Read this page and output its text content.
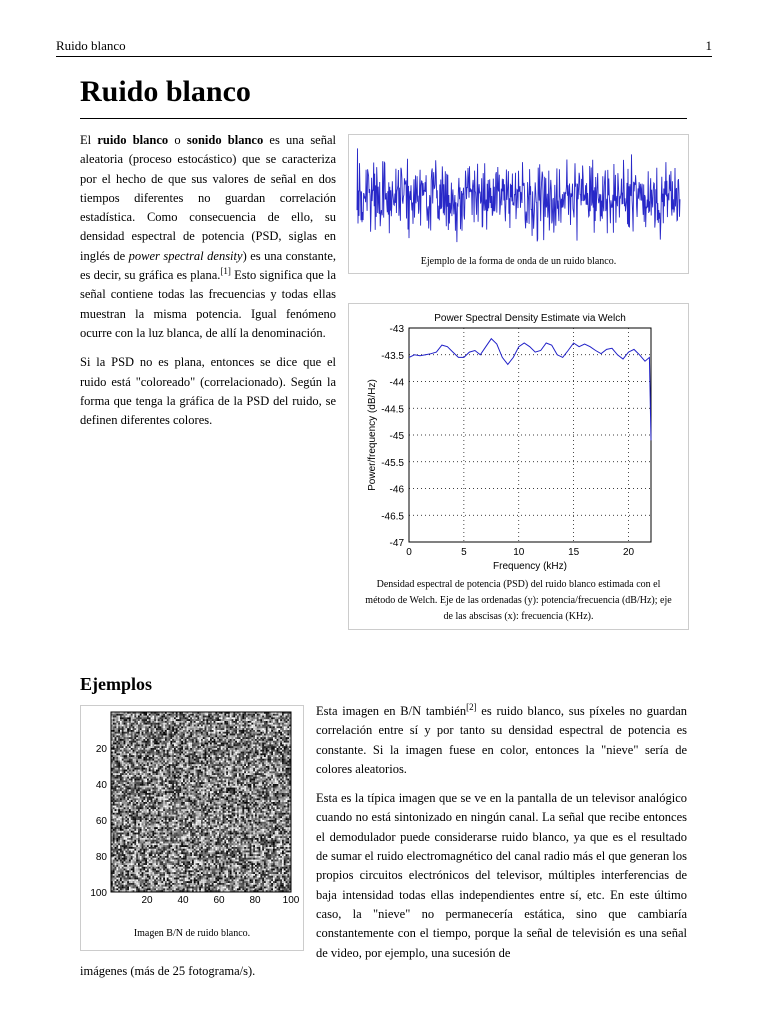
Ruido blanco	1
Ruido blanco

El ruido blanco o sonido blanco es una señal aleatoria (proceso estocástico) que se caracteriza por el hecho de que sus valores de señal en dos tiempos diferentes no guardan correlación estadística. Como consecuencia de ello, su densidad espectral de potencia (PSD, siglas en inglés de power spectral density) es una constante, es decir, su gráfica es plana.[1] Esto significa que la señal contiene todas las frecuencias y todas ellas muestran la misma potencia. Igual fenómeno ocurre con la luz blanca, de allí la denominación.

Si la PSD no es plana, entonces se dice que el ruido está "coloreado" (correlacionado). Según la forma que tenga la gráfica de la PSD del ruido, se definen diferentes colores.

Ejemplo de la forma de onda de un ruido blanco.
Power Spectral Density Estimate via Welch
-43
-43.5
-44
-44.5
-45
-45.5
-46
-46.5
-47
0	5	10	15	20
Frequency (kHz)
Power/frequency (dB/Hz)
Densidad espectral de potencia (PSD) del ruido blanco estimada con el método de Welch. Eje de las ordenadas (y): potencia/frecuencia (dB/Hz); eje de las abscisas (x): frecuencia (KHz).
Ejemplos
20 40 60 80 100
20
40
60
80
100
Imagen B/N de ruido blanco.

Esta imagen en B/N también[2] es ruido blanco, sus píxeles no guardan correlación entre sí y por tanto su densidad espectral de potencia es constante. Si la imagen fuese en color, entonces la "nieve" sería de colores aleatorios.

Esta es la típica imagen que se ve en la pantalla de un televisor analógico cuando no está sintonizado en ningún canal. La señal que recibe entonces el demodulador puede considerarse ruido blanco, ya que es el resultado de sumar el ruido electromagnético del canal radio más el que generan los propios circuitos electrónicos del televisor, múltiples interferencias de baja intensidad todas ellas independientes entre sí, etc. En este último caso, la "nieve" no permanecería estática, sino que cambiaría constantemente con el tiempo, porque la señal de televisión es una señal de video, por ejemplo, una sucesión de

imágenes (más de 25 fotograma/s).
